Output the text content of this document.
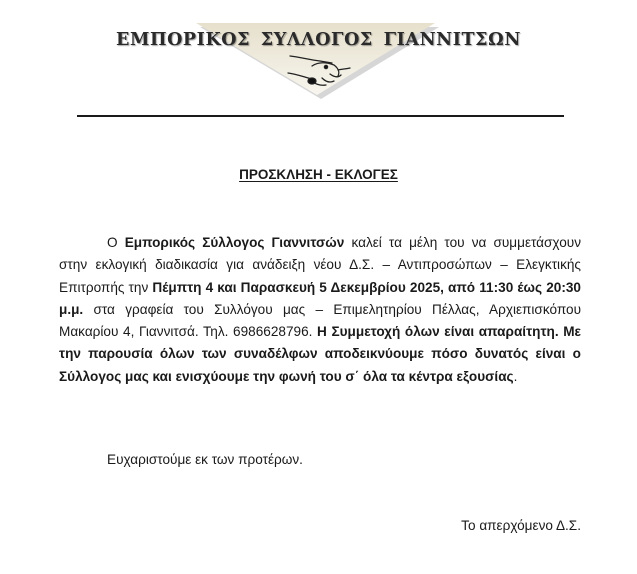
ΕΜΠΟΡΙΚΟΣ ΣΥΛΛΟΓΟΣ ΓΙΑΝΝΙΤΣΩΝ
ΠΡΟΣΚΛΗΣΗ - ΕΚΛΟΓΕΣ

Ο Εμπορικός Σύλλογος Γιαννιτσών καλεί τα μέλη του να συμμετάσχουν στην εκλογική διαδικασία για ανάδειξη νέου Δ.Σ. – Αντιπροσώπων – Ελεγκτικής Επιτροπής την Πέμπτη 4 και Παρασκευή 5 Δεκεμβρίου 2025, από 11:30 έως 20:30 μ.μ. στα γραφεία του Συλλόγου μας – Επιμελητηρίου Πέλλας, Αρχιεπισκόπου Μακαρίου 4, Γιαννιτσά. Τηλ. 6986628796. Η Συμμετοχή όλων είναι απαραίτητη. Με την παρουσία όλων των συναδέλφων αποδεικνύουμε πόσο δυνατός είναι ο Σύλλογος μας και ενισχύουμε την φωνή του σ΄ όλα τα κέντρα εξουσίας.

Ευχαριστούμε εκ των προτέρων.
Το απερχόμενο Δ.Σ.
